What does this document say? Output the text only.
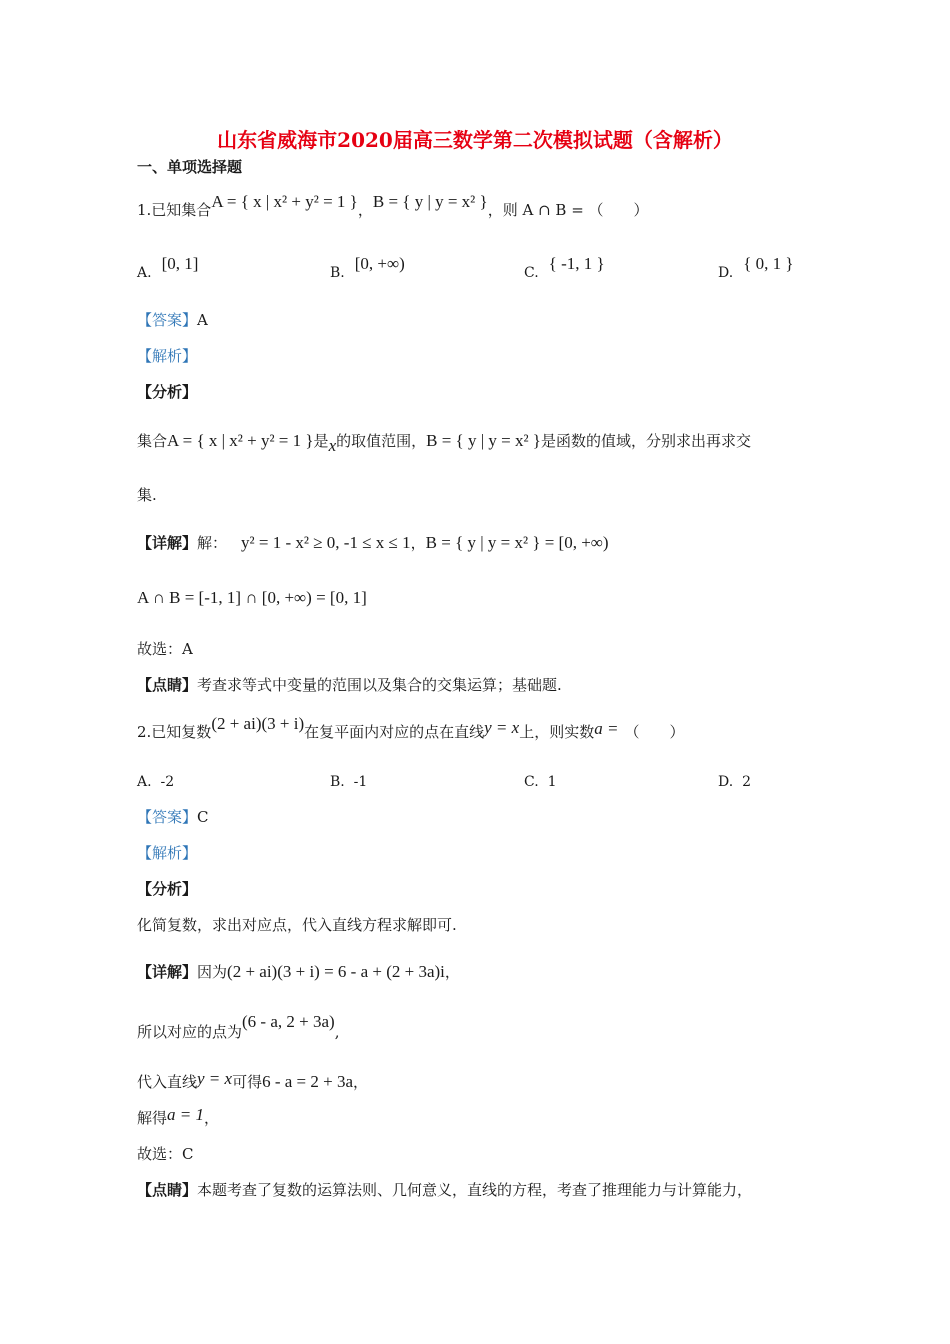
山东省威海市2020届高三数学第二次模拟试题（含解析）
一、单项选择题
1.已知集合A = { x | x² + y² = 1 }，B = { y | y = x² }，则 A ∩ B = （　　）
A. [0, 1]	B. [0, +∞)	C. { -1, 1 }	D. { 0, 1 }
【答案】A
【解析】
【分析】
集合A = { x | x² + y² = 1 }是x的取值范围，B = { y | y = x² }是函数的值域，分别求出再求交
集.
【详解】解： y² = 1 - x² ≥ 0, -1 ≤ x ≤ 1，B = { y | y = x² } = [0, +∞)
A ∩ B = [-1, 1] ∩ [0, +∞) = [0, 1]
故选：A
【点睛】考查求等式中变量的范围以及集合的交集运算；基础题.
2.已知复数(2 + ai)(3 + i)在复平面内对应的点在直线y = x上，则实数a = （　　）
A. -2	B. -1	C. 1	D. 2
【答案】C
【解析】
【分析】
化简复数，求出对应点，代入直线方程求解即可.
【详解】因为(2 + ai)(3 + i) = 6 - a + (2 + 3a)i，
所以对应的点为(6 - a, 2 + 3a),
代入直线y = x可得6 - a = 2 + 3a，
解得a = 1，
故选：C
【点睛】本题考查了复数的运算法则、几何意义，直线的方程，考查了推理能力与计算能力，
